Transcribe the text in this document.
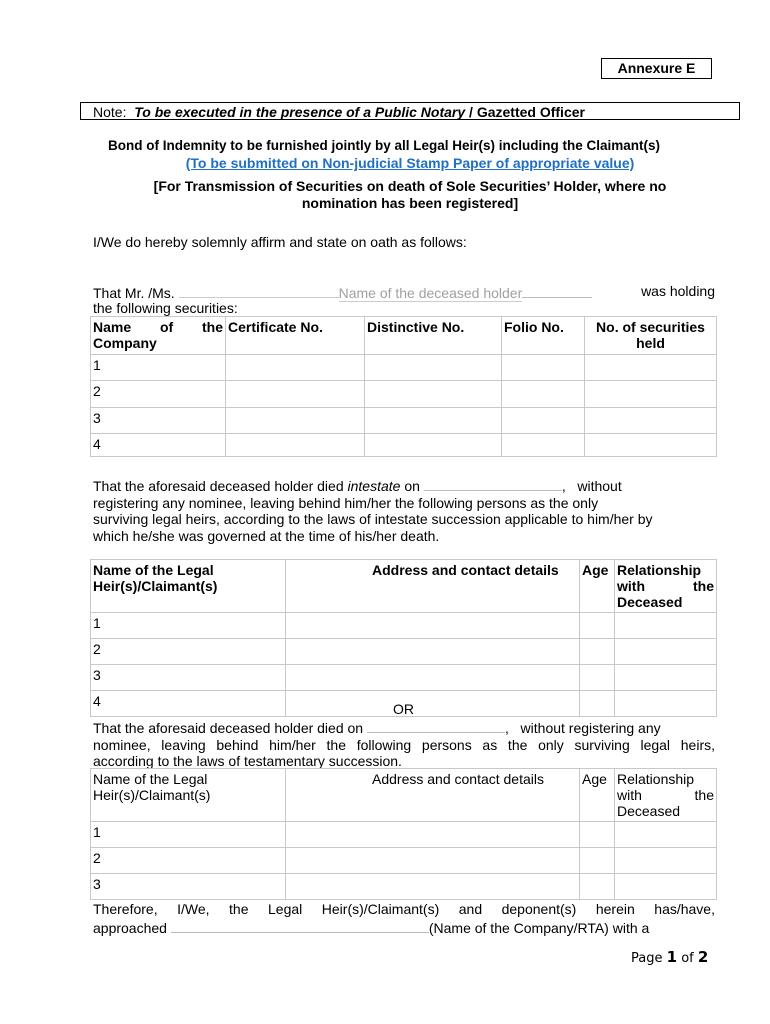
Annexure E
Note: To be executed in the presence of a Public Notary / Gazetted Officer
Bond of Indemnity to be furnished jointly by all Legal Heir(s) including the Claimant(s)
(To be submitted on Non-judicial Stamp Paper of appropriate value)
[For Transmission of Securities on death of Sole Securities’ Holder, where no
nomination has been registered]
I/We do hereby solemnly affirm and state on oath as follows:
That Mr. /Ms.	Name of the deceased holder	was holding
the following securities:
Name of the Company	Certificate No.	Distinctive No.	Folio No.	No. of securities held
1				
2				
3				
4				
That the aforesaid deceased holder died intestate on	,   without
registering any nominee, leaving behind him/her the following persons as the only
surviving legal heirs, according to the laws of intestate succession applicable to him/her by
which he/she was governed at the time of his/her death.
Name of the Legal Heir(s)/Claimant(s)	Address and contact details	Age	Relationship with the Deceased
1			
2			
3			
4				OR
That the aforesaid deceased holder died on	,   without registering any
nominee, leaving behind him/her the following persons as the only surviving legal heirs,
according to the laws of testamentary succession.
Name of the Legal Heir(s)/Claimant(s)	Address and contact details	Age	Relationship with the Deceased
1			
2			
3			
Therefore, I/We, the Legal Heir(s)/Claimant(s) and deponent(s) herein has/have,
approached	(Name of the Company/RTA) with a
Page 1 of 2
